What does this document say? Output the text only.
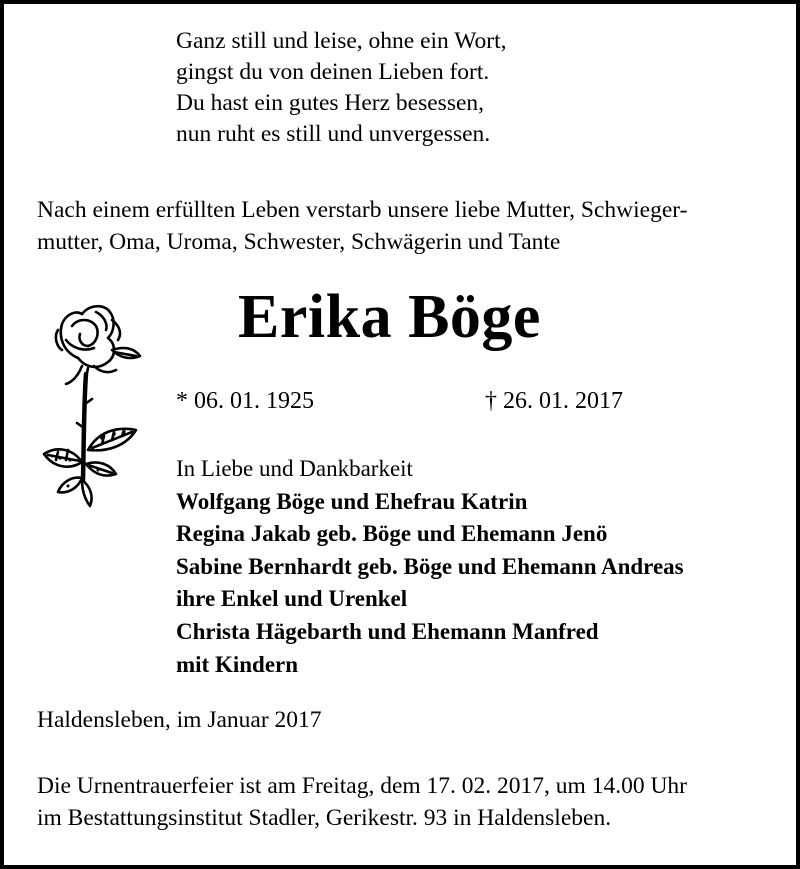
Ganz still und leise, ohne ein Wort,
gingst du von deinen Lieben fort.
Du hast ein gutes Herz besessen,
nun ruht es still und unvergessen.
Nach einem erfüllten Leben verstarb unsere liebe Mutter, Schwieger-
mutter, Oma, Uroma, Schwester, Schwägerin und Tante
Erika Böge
* 06. 01. 1925	† 26. 01. 2017
In Liebe und Dankbarkeit
Wolfgang Böge und Ehefrau Katrin
Regina Jakab geb. Böge und Ehemann Jenö
Sabine Bernhardt geb. Böge und Ehemann Andreas
ihre Enkel und Urenkel
Christa Hägebarth und Ehemann Manfred
mit Kindern
Haldensleben, im Januar 2017
Die Urnentrauerfeier ist am Freitag, dem 17. 02. 2017, um 14.00 Uhr
im Bestattungsinstitut Stadler, Gerikestr. 93 in Haldensleben.
